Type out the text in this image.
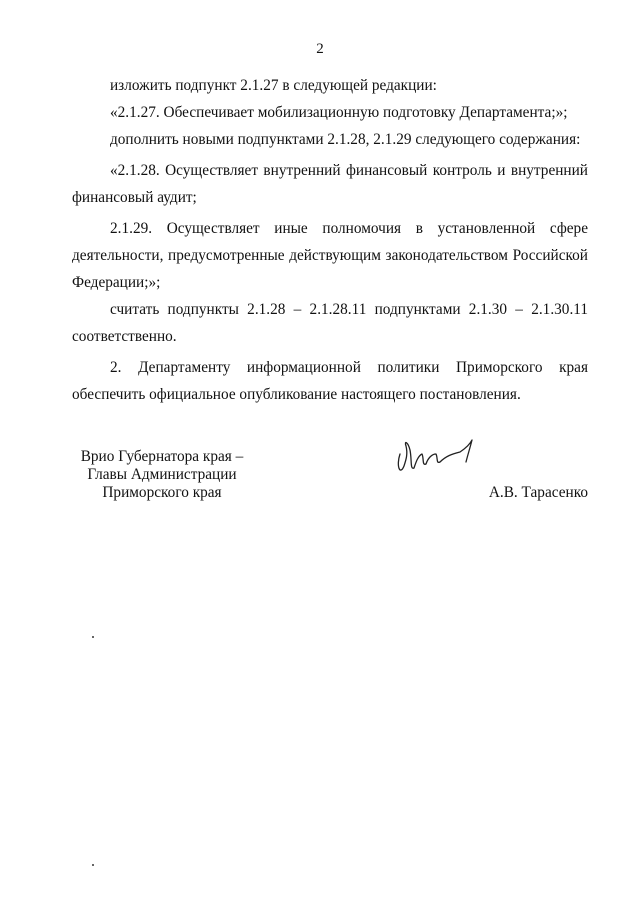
2

изложить подпункт 2.1.27 в следующей редакции:

«2.1.27. Обеспечивает мобилизационную подготовку Департамента;»;

дополнить новыми подпунктами 2.1.28, 2.1.29 следующего содержания:

«2.1.28. Осуществляет внутренний финансовый контроль и внутренний финансовый аудит;

2.1.29. Осуществляет иные полномочия в установленной сфере деятельности, предусмотренные действующим законодательством Российской Федерации;»;

считать подпункты 2.1.28 – 2.1.28.11 подпунктами 2.1.30 – 2.1.30.11 соответственно.

2. Департаменту информационной политики Приморского края обеспечить официальное опубликование настоящего постановления.

Врио Губернатора края –
Главы Администрации
Приморского края	А.В. Тарасенко
